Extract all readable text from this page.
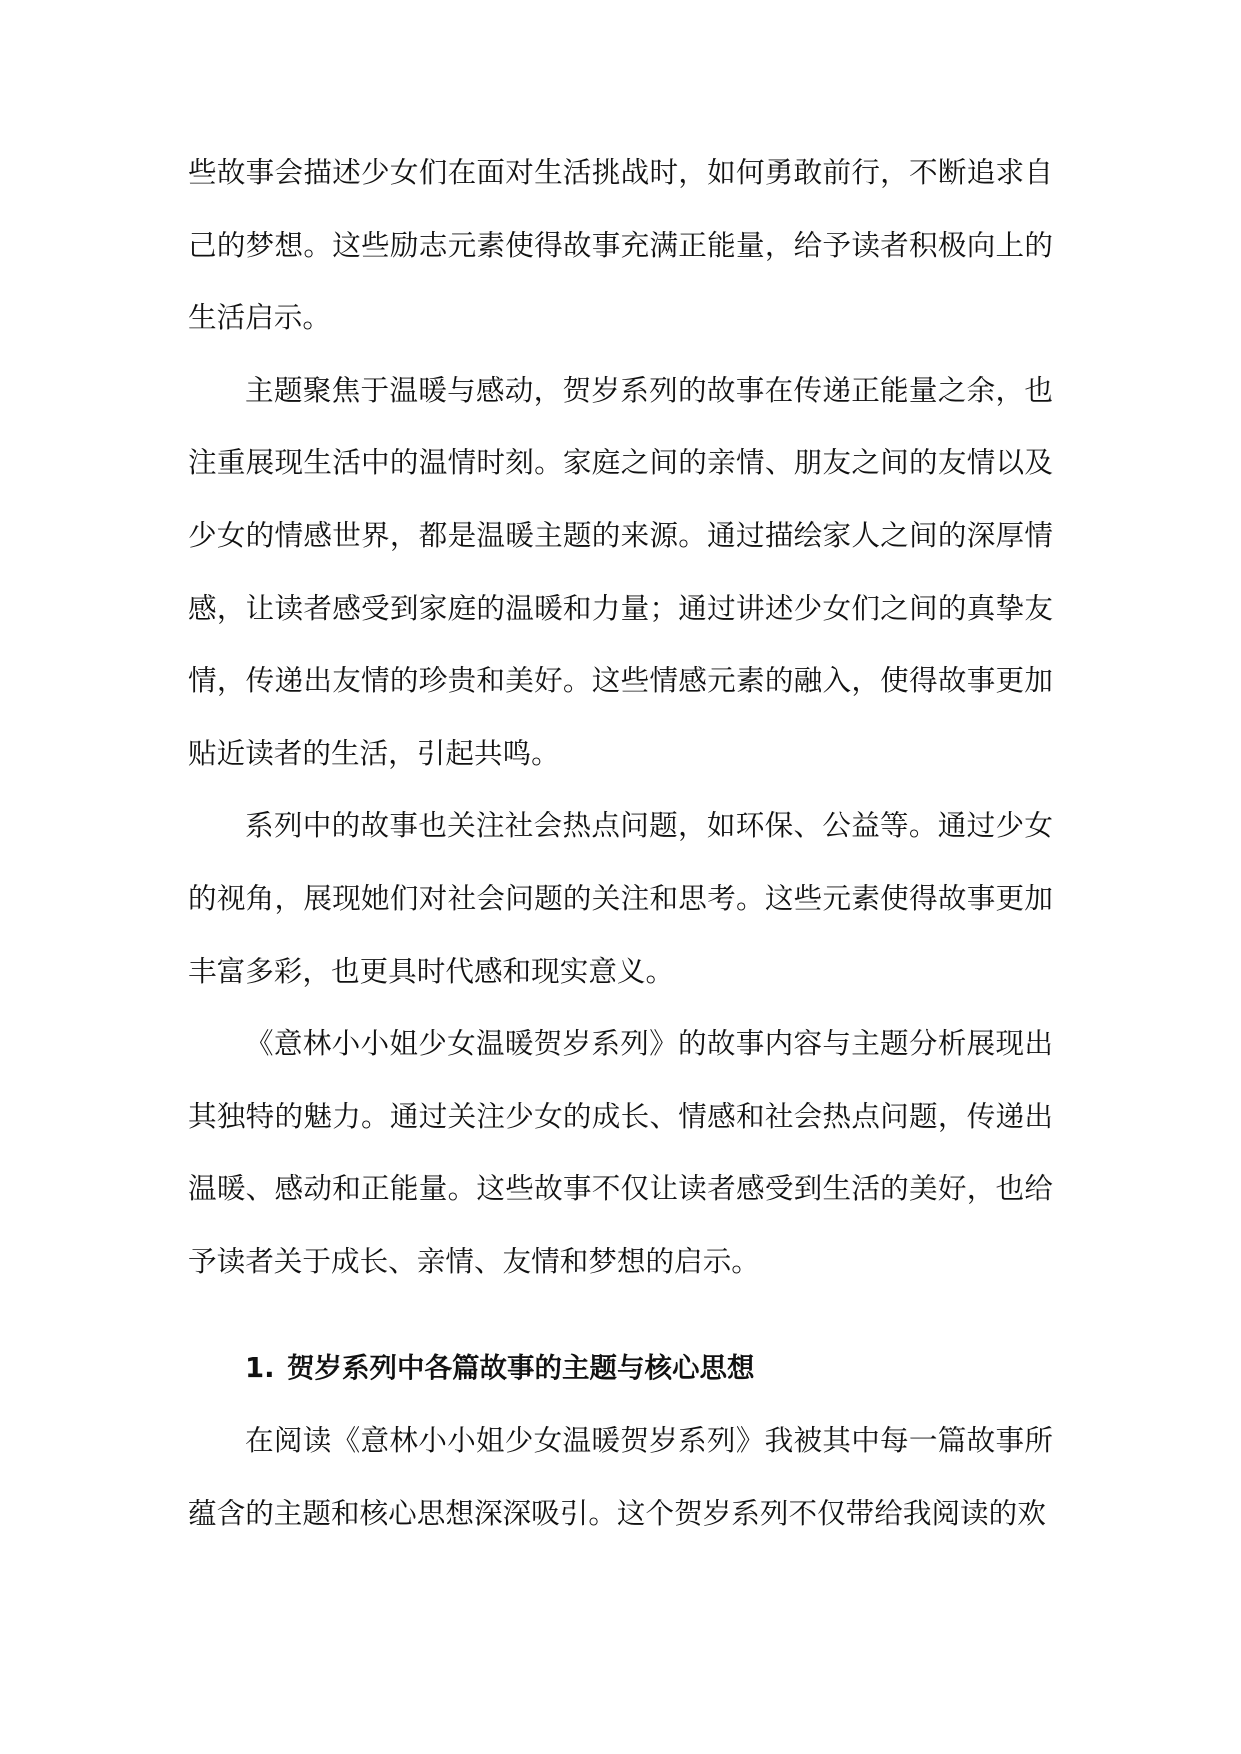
些故事会描述少女们在面对生活挑战时，如何勇敢前行，不断追求自己的梦想。这些励志元素使得故事充满正能量，给予读者积极向上的生活启示。

主题聚焦于温暖与感动，贺岁系列的故事在传递正能量之余，也注重展现生活中的温情时刻。家庭之间的亲情、朋友之间的友情以及少女的情感世界，都是温暖主题的来源。通过描绘家人之间的深厚情感，让读者感受到家庭的温暖和力量；通过讲述少女们之间的真挚友情，传递出友情的珍贵和美好。这些情感元素的融入，使得故事更加贴近读者的生活，引起共鸣。

系列中的故事也关注社会热点问题，如环保、公益等。通过少女的视角，展现她们对社会问题的关注和思考。这些元素使得故事更加丰富多彩，也更具时代感和现实意义。

《意林小小姐少女温暖贺岁系列》的故事内容与主题分析展现出其独特的魅力。通过关注少女的成长、情感和社会热点问题，传递出温暖、感动和正能量。这些故事不仅让读者感受到生活的美好，也给予读者关于成长、亲情、友情和梦想的启示。

1. 贺岁系列中各篇故事的主题与核心思想

在阅读《意林小小姐少女温暖贺岁系列》我被其中每一篇故事所蕴含的主题和核心思想深深吸引。这个贺岁系列不仅带给我阅读的欢
